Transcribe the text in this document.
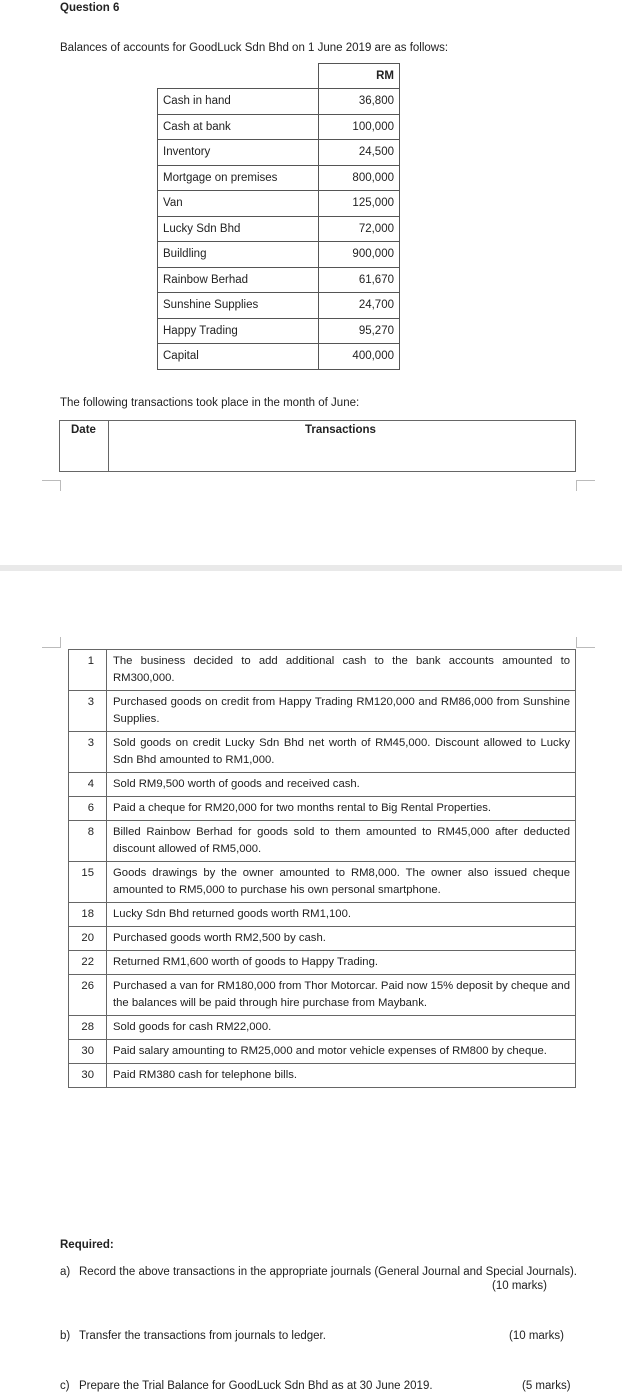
Question 6
Balances of accounts for GoodLuck Sdn Bhd on 1 June 2019 are as follows:
	RM
Cash in hand	36,800
Cash at bank	100,000
Inventory	24,500
Mortgage on premises	800,000
Van	125,000
Lucky Sdn Bhd	72,000
Buildling	900,000
Rainbow Berhad	61,670
Sunshine Supplies	24,700
Happy Trading	95,270
Capital	400,000
The following transactions took place in the month of June:
Date	Transactions
1	The business decided to add additional cash to the bank accounts amounted to RM300,000.
3	Purchased goods on credit from Happy Trading RM120,000 and RM86,000 from Sunshine Supplies.
3	Sold goods on credit Lucky Sdn Bhd net worth of RM45,000. Discount allowed to Lucky Sdn Bhd amounted to RM1,000.
4	Sold RM9,500 worth of goods and received cash.
6	Paid a cheque for RM20,000 for two months rental to Big Rental Properties.
8	Billed Rainbow Berhad for goods sold to them amounted to RM45,000 after deducted discount allowed of RM5,000.
15	Goods drawings by the owner amounted to RM8,000. The owner also issued cheque amounted to RM5,000 to purchase his own personal smartphone.
18	Lucky Sdn Bhd returned goods worth RM1,100.
20	Purchased goods worth RM2,500 by cash.
22	Returned RM1,600 worth of goods to Happy Trading.
26	Purchased a van for RM180,000 from Thor Motorcar. Paid now 15% deposit by cheque and the balances will be paid through hire purchase from Maybank.
28	Sold goods for cash RM22,000.
30	Paid salary amounting to RM25,000 and motor vehicle expenses of RM800 by cheque.
30	Paid RM380 cash for telephone bills.
Required:
a) Record the above transactions in the appropriate journals (General Journal and Special Journals).
(10 marks)
b) Transfer the transactions from journals to ledger.	(10 marks)
c) Prepare the Trial Balance for GoodLuck Sdn Bhd as at 30 June 2019.	(5 marks)
